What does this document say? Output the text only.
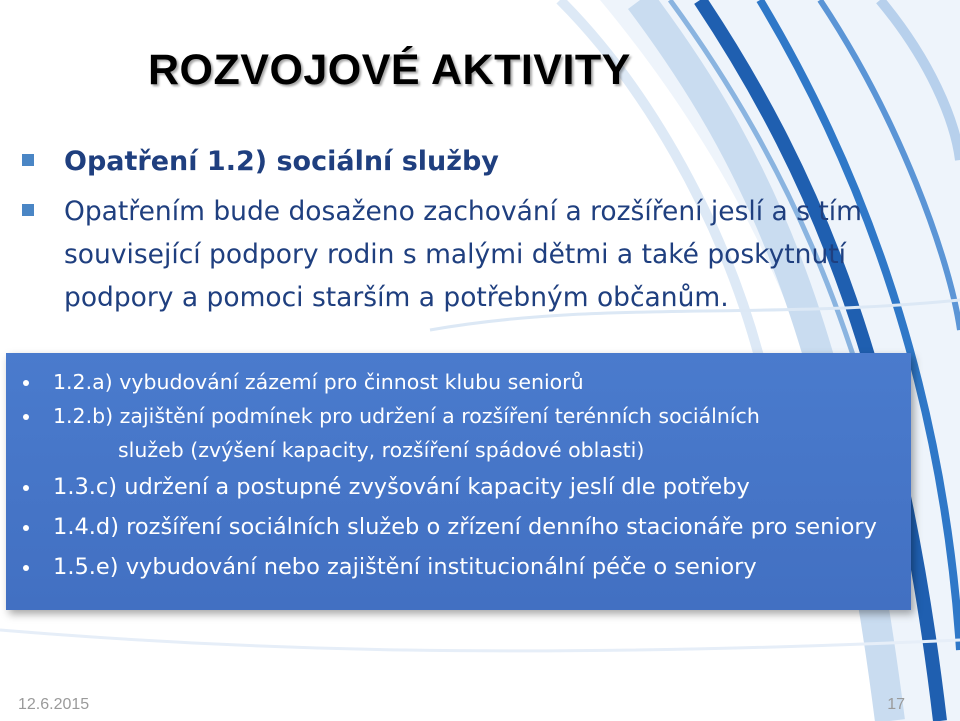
ROZVOJOVÉ AKTIVITY
Opatření 1.2) sociální služby
Opatřením bude dosaženo zachování a rozšíření jeslí a s tím
související podpory rodin s malými dětmi a také poskytnutí
podpory a pomoci starším a potřebným občanům.
1.2.a) vybudování zázemí pro činnost klubu seniorů
1.2.b) zajištění podmínek pro udržení a rozšíření terénních sociálních
služeb (zvýšení kapacity, rozšíření spádové oblasti)
1.3.c) udržení a postupné zvyšování kapacity jeslí dle potřeby
1.4.d) rozšíření sociálních služeb o zřízení denního stacionáře pro seniory
1.5.e) vybudování nebo zajištění institucionální péče o seniory
12.6.2015	17
